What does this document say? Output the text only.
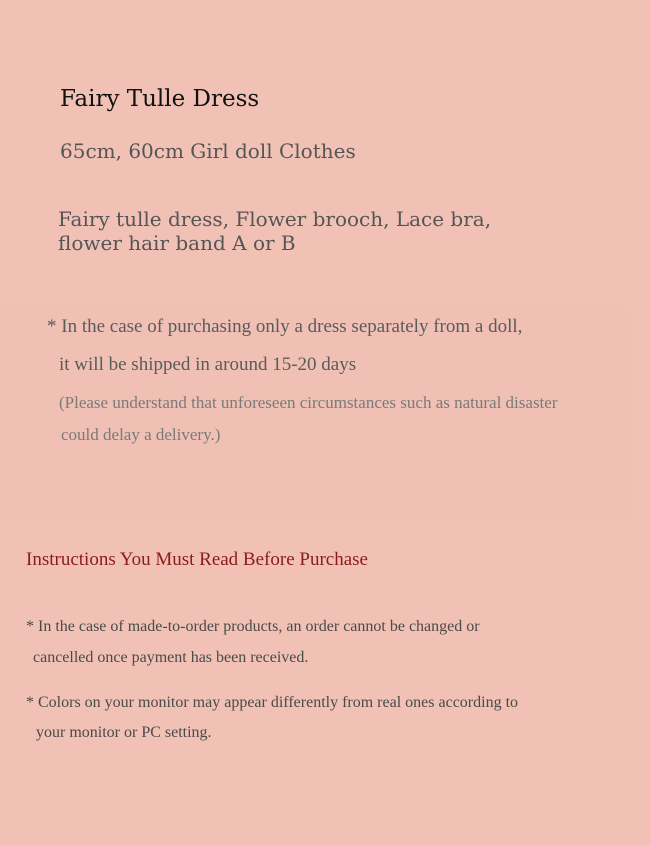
Fairy Tulle Dress

65cm, 60cm Girl doll Clothes

Fairy tulle dress, Flower brooch, Lace bra,
flower hair band A or B

* In the case of purchasing only a dress separately from a doll,

it will be shipped in around 15-20 days

(Please understand that unforeseen circumstances such as natural disaster

could delay a delivery.)

Instructions You Must Read Before Purchase

* In the case of made-to-order products, an order cannot be changed or

cancelled once payment has been received.

* Colors on your monitor may appear differently from real ones according to

your monitor or PC setting.
